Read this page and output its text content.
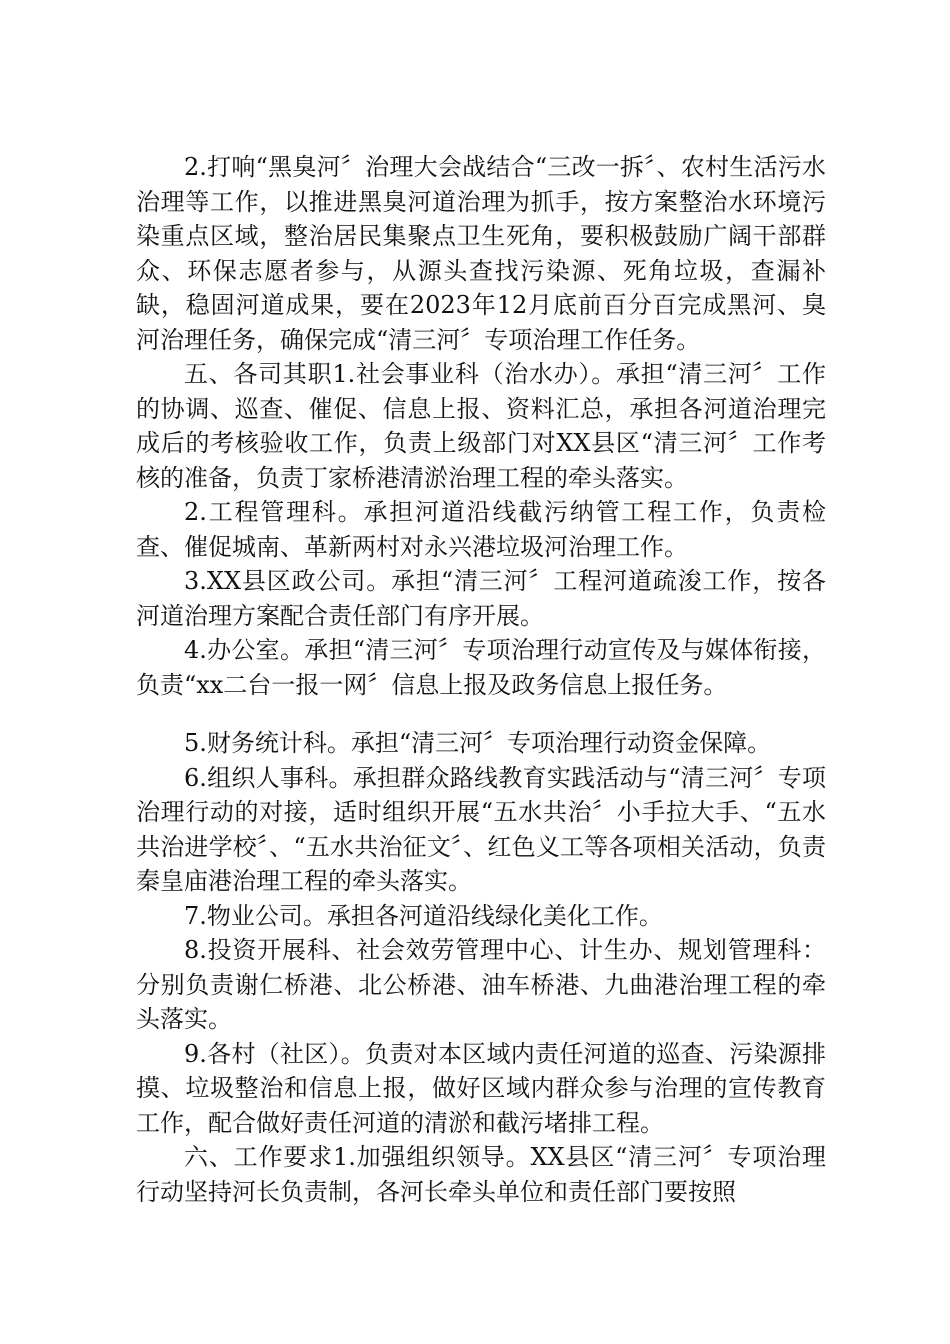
2.打响“黑臭河〞治理大会战结合“三改一拆〞、农村生活污水治理等工作，以推进黑臭河道治理为抓手，按方案整治水环境污染重点区域，整治居民集聚点卫生死角，要积极鼓励广阔干部群众、环保志愿者参与，从源头查找污染源、死角垃圾，查漏补缺，稳固河道成果，要在2023年12月底前百分百完成黑河、臭河治理任务，确保完成“清三河〞专项治理工作任务。

五、各司其职1.社会事业科（治水办）。承担“清三河〞工作的协调、巡查、催促、信息上报、资料汇总，承担各河道治理完成后的考核验收工作，负责上级部门对XX县区“清三河〞工作考核的准备，负责丁家桥港清淤治理工程的牵头落实。

2.工程管理科。承担河道沿线截污纳管工程工作，负责检查、催促城南、革新两村对永兴港垃圾河治理工作。

3.XX县区政公司。承担“清三河〞工程河道疏浚工作，按各河道治理方案配合责任部门有序开展。

4.办公室。承担“清三河〞专项治理行动宣传及与媒体衔接，负责“xx二台一报一网〞信息上报及政务信息上报任务。

5.财务统计科。承担“清三河〞专项治理行动资金保障。

6.组织人事科。承担群众路线教育实践活动与“清三河〞专项治理行动的对接，适时组织开展“五水共治〞小手拉大手、“五水共治进学校〞、“五水共治征文〞、红色义工等各项相关活动，负责秦皇庙港治理工程的牵头落实。

7.物业公司。承担各河道沿线绿化美化工作。

8.投资开展科、社会效劳管理中心、计生办、规划管理科：分别负责谢仁桥港、北公桥港、油车桥港、九曲港治理工程的牵头落实。

9.各村（社区）。负责对本区域内责任河道的巡查、污染源排摸、垃圾整治和信息上报，做好区域内群众参与治理的宣传教育工作，配合做好责任河道的清淤和截污堵排工程。

六、工作要求1.加强组织领导。XX县区“清三河〞专项治理行动坚持河长负责制，各河长牵头单位和责任部门要按照
